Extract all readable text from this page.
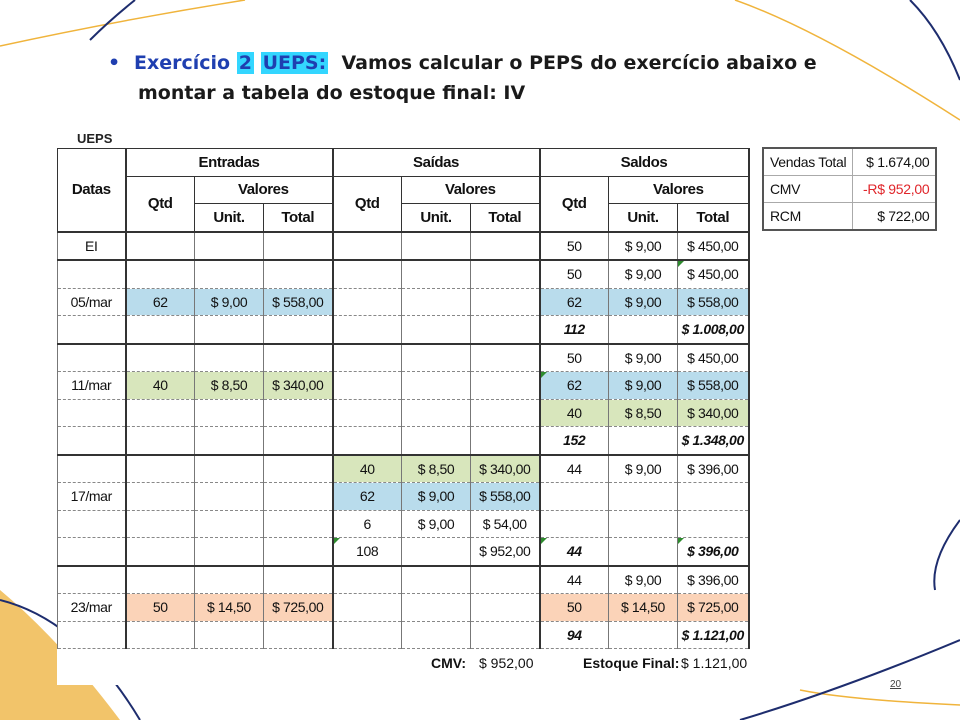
• Exercício 2 UEPS: Vamos calcular o PEPS do exercício abaixo e
montar a tabela do estoque final: IV
UEPS
Datas	Entradas			Saídas			Saldos		
	Qtd	Valores		Qtd	Valores		Qtd	Valores	
		Unit.	Total		Unit.	Total		Unit.	Total
EI							50	$ 9,00	$ 450,00
							50	$ 9,00	$ 450,00
05/mar	62	$ 9,00	$ 558,00				62	$ 9,00	$ 558,00
							112		$ 1.008,00
							50	$ 9,00	$ 450,00
11/mar	40	$ 8,50	$ 340,00				62	$ 9,00	$ 558,00
							40	$ 8,50	$ 340,00
							152		$ 1.348,00
				40	$ 8,50	$ 340,00	44	$ 9,00	$ 396,00
17/mar				62	$ 9,00	$ 558,00			
				6	$ 9,00	$ 54,00			
				108		$ 952,00	44		$ 396,00
							44	$ 9,00	$ 396,00
23/mar	50	$ 14,50	$ 725,00				50	$ 14,50	$ 725,00
							94		$ 1.121,00
CMV: $ 952,00	Estoque Final: $ 1.121,00
Vendas Total	$ 1.674,00
CMV	-R$ 952,00
RCM	$ 722,00
20
